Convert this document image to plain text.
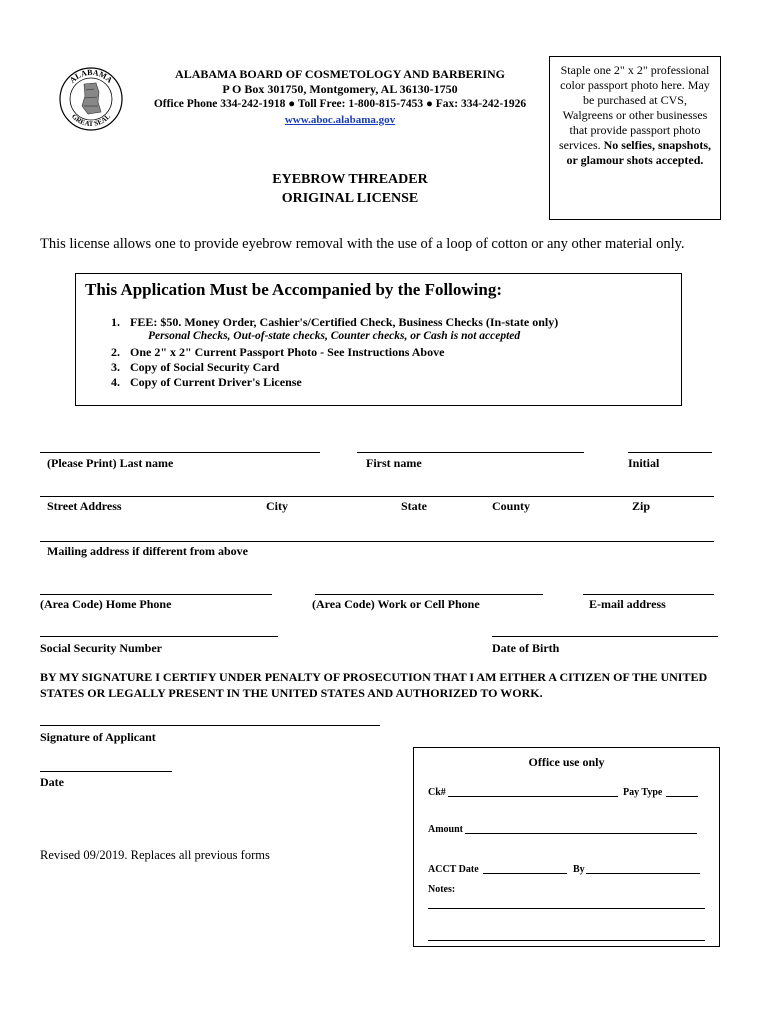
ALABAMA
GREAT SEAL
ALABAMA BOARD OF COSMETOLOGY AND BARBERING
P O Box 301750, Montgomery, AL 36130-1750
Office Phone 334-242-1918 ● Toll Free: 1-800-815-7453 ● Fax: 334-242-1926
www.aboc.alabama.gov
Staple one 2" x 2" professional color passport photo here. May be purchased at CVS, Walgreens or other businesses that provide passport photo services. No selfies, snapshots, or glamour shots accepted.
EYEBROW THREADER
ORIGINAL LICENSE
This license allows one to provide eyebrow removal with the use of a loop of cotton or any other material only.
This Application Must be Accompanied by the Following:
1. FEE: $50. Money Order, Cashier's/Certified Check, Business Checks (In-state only)
Personal Checks, Out-of-state checks, Counter checks, or Cash is not accepted
2. One 2" x 2" Current Passport Photo - See Instructions Above
3. Copy of Social Security Card
4. Copy of Current Driver's License
(Please Print) Last name	First name	Initial
Street Address	City	State	County	Zip
Mailing address if different from above
(Area Code) Home Phone	(Area Code) Work or Cell Phone	E-mail address
Social Security Number	Date of Birth
BY MY SIGNATURE I CERTIFY UNDER PENALTY OF PROSECUTION THAT I AM EITHER A CITIZEN OF THE UNITED STATES OR LEGALLY PRESENT IN THE UNITED STATES AND AUTHORIZED TO WORK.
Signature of Applicant
Date
Office use only
Ck#	Pay Type
Amount
ACCT Date	By
Notes:
Revised 09/2019. Replaces all previous forms
